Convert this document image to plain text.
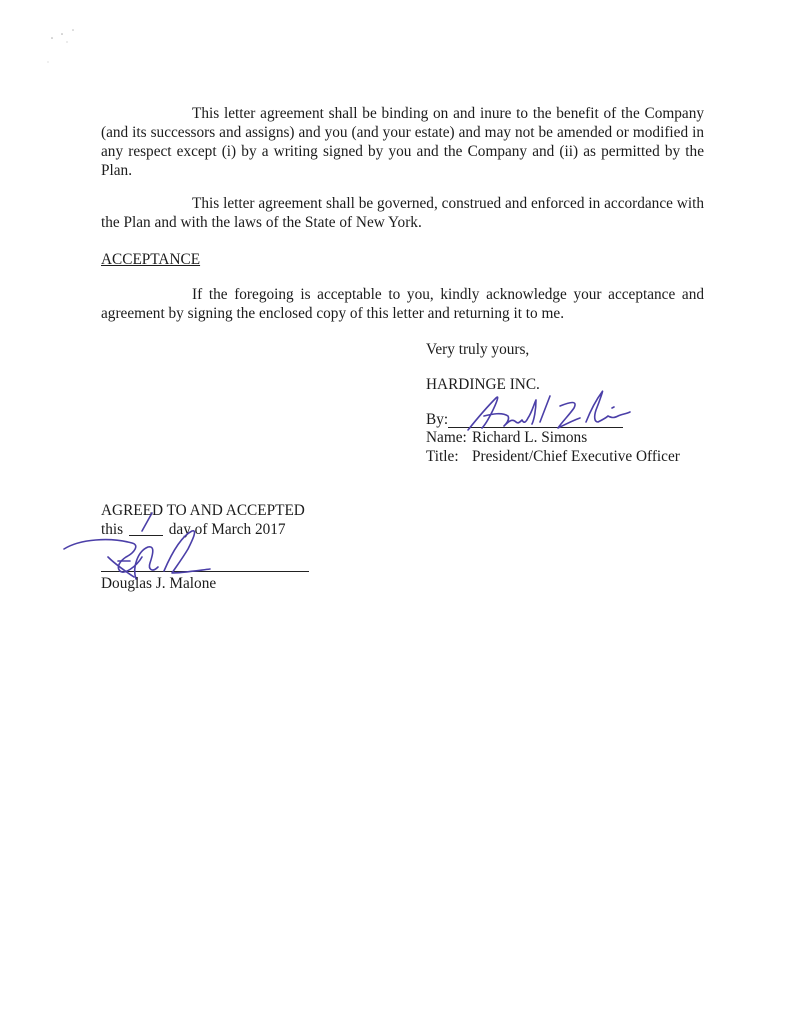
This letter agreement shall be binding on and inure to the benefit of the Company (and its successors and assigns) and you (and your estate) and may not be amended or modified in any respect except (i) by a writing signed by you and the Company and (ii) as permitted by the Plan.

This letter agreement shall be governed, construed and enforced in accordance with the Plan and with the laws of the State of New York.

ACCEPTANCE

If the foregoing is acceptable to you, kindly acknowledge your acceptance and agreement by signing the enclosed copy of this letter and returning it to me.

Very truly yours,
HARDINGE INC.
By:
Name: Richard L. Simons
Title: President/Chief Executive Officer
AGREED TO AND ACCEPTED
this	day of March 2017
Douglas J. Malone
